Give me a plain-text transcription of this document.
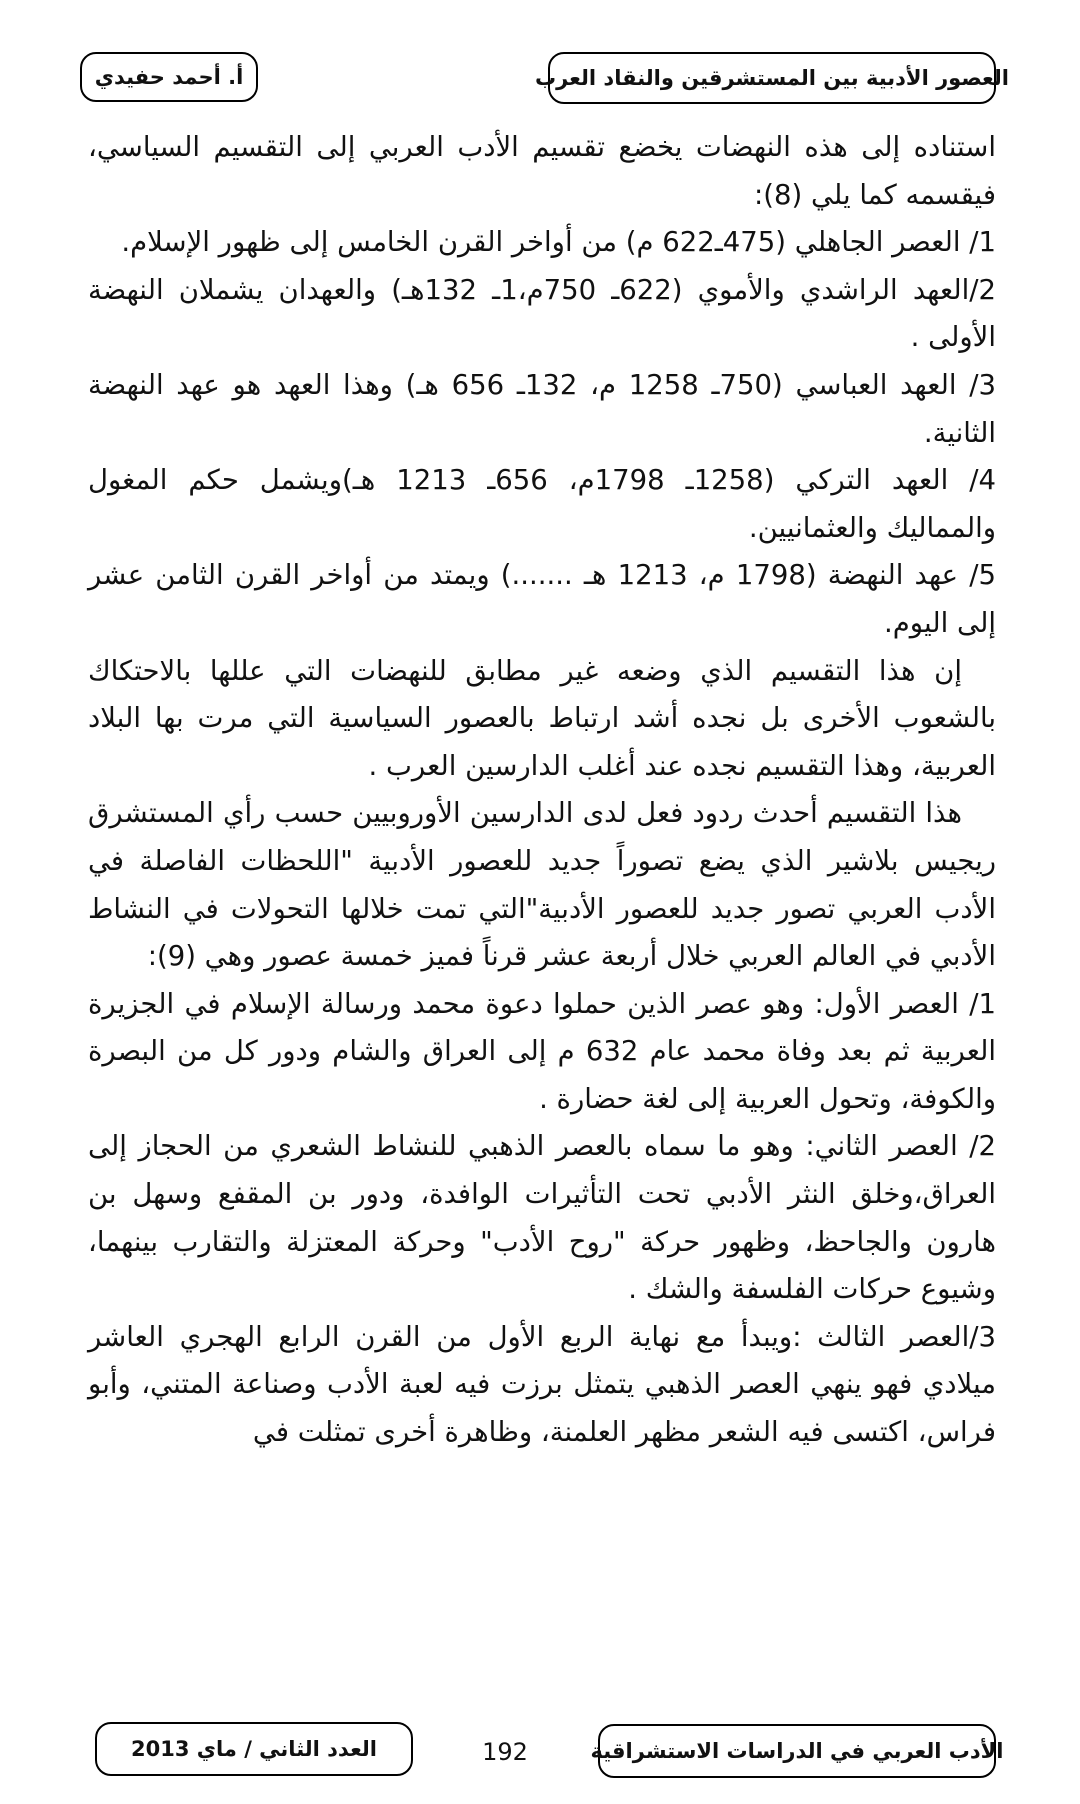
العصور الأدبية بين المستشرقين والنقاد العرب
أ. أحمد حفيدي

استناده إلى هذه النهضات يخضع تقسيم الأدب العربي إلى التقسيم السياسي، فيقسمه كما يلي (8):

1/ العصر الجاهلي (475ـ622 م) من أواخر القرن الخامس إلى ظهور الإسلام.

2/العهد الراشدي والأموي (622ـ 750م،1ـ 132هـ) والعهدان يشملان النهضة الأولى .

3/ العهد العباسي (750ـ 1258 م، 132ـ 656 هـ) وهذا العهد هو عهد النهضة الثانية.

4/ العهد التركي (1258ـ 1798م، 656ـ 1213 هـ)ويشمل حكم المغول والمماليك والعثمانيين.

5/ عهد النهضة (1798 م، 1213 هـ .......) ويمتد من أواخر القرن الثامن عشر إلى اليوم.

إن هذا التقسيم الذي وضعه غير مطابق للنهضات التي عللها بالاحتكاك بالشعوب الأخرى بل نجده أشد ارتباط بالعصور السياسية التي مرت بها البلاد العربية، وهذا التقسيم نجده عند أغلب الدارسين العرب .

هذا التقسيم أحدث ردود فعل لدى الدارسين الأوروبيين حسب رأي المستشرق ريجيس بلاشير الذي يضع تصوراً جديد للعصور الأدبية "اللحظات الفاصلة في الأدب العربي تصور جديد للعصور الأدبية"التي تمت خلالها التحولات في النشاط الأدبي في العالم العربي خلال أربعة عشر قرناً فميز خمسة عصور وهي (9):

1/ العصر الأول: وهو عصر الذين حملوا دعوة محمد ورسالة الإسلام في الجزيرة العربية ثم بعد وفاة محمد عام 632 م إلى العراق والشام ودور كل من البصرة والكوفة، وتحول العربية إلى لغة حضارة .

2/ العصر الثاني: وهو ما سماه بالعصر الذهبي للنشاط الشعري من الحجاز إلى العراق،وخلق النثر الأدبي تحت التأثيرات الوافدة، ودور بن المقفع وسهل بن هارون والجاحظ، وظهور حركة "روح الأدب" وحركة المعتزلة والتقارب بينهما، وشيوع حركات الفلسفة والشك .

3/العصر الثالث :ويبدأ مع نهاية الربع الأول من القرن الرابع الهجري العاشر ميلادي فهو ينهي العصر الذهبي يتمثل برزت فيه لعبة الأدب وصناعة المتني، وأبو فراس، اكتسى فيه الشعر مظهر العلمنة، وظاهرة أخرى تمثلت في

الأدب العربي في الدراسات الاستشراقية
192
العدد الثاني / ماي 2013
